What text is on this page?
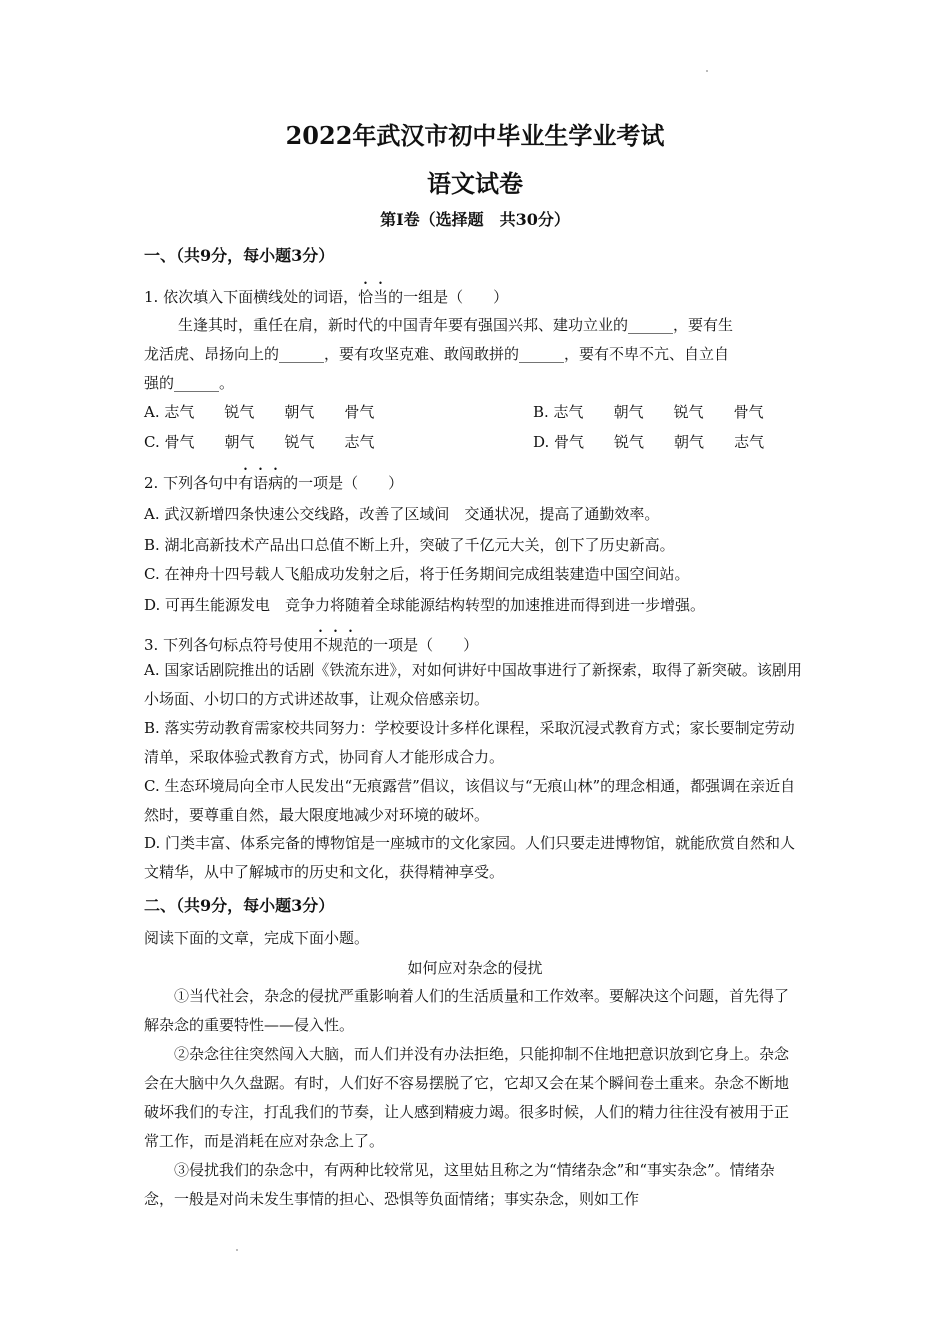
2022年武汉市初中毕业生学业考试
语文试卷
第Ⅰ卷（选择题　共30分）
一、（共9分，每小题3分）
1. 依次填入下面横线处的词语，恰当的一组是（　　）
生逢其时，重任在肩，新时代的中国青年要有强国兴邦、建功立业的______，要有生
龙活虎、昂扬向上的______，要有攻坚克难、敢闯敢拼的______，要有不卑不亢、自立自
强的______。
A. 志气 锐气 朝气 骨气	B. 志气 朝气 锐气 骨气
C. 骨气 朝气 锐气 志气	D. 骨气 锐气 朝气 志气
2. 下列各句中有语病的一项是（　　）
A. 武汉新增四条快速公交线路，改善了区域间　交通状况，提高了通勤效率。
B. 湖北高新技术产品出口总值不断上升，突破了千亿元大关，创下了历史新高。
C. 在神舟十四号载人飞船成功发射之后，将于任务期间完成组装建造中国空间站。
D. 可再生能源发电　竞争力将随着全球能源结构转型的加速推进而得到进一步增强。
3. 下列各句标点符号使用不规范的一项是（　　）
A. 国家话剧院推出的话剧《铁流东进》，对如何讲好中国故事进行了新探索，取得了新突破。该剧用小场面、小切口的方式讲述故事，让观众倍感亲切。
B. 落实劳动教育需家校共同努力：学校要设计多样化课程，采取沉浸式教育方式；家长要制定劳动清单，采取体验式教育方式，协同育人才能形成合力。
C. 生态环境局向全市人民发出“无痕露营”倡议，该倡议与“无痕山林”的理念相通，都强调在亲近自然时，要尊重自然，最大限度地减少对环境的破坏。
D. 门类丰富、体系完备的博物馆是一座城市的文化家园。人们只要走进博物馆，就能欣赏自然和人文精华，从中了解城市的历史和文化，获得精神享受。
二、（共9分，每小题3分）
阅读下面的文章，完成下面小题。
如何应对杂念的侵扰
①当代社会，杂念的侵扰严重影响着人们的生活质量和工作效率。要解决这个问题，首先得了解杂念的重要特性——侵入性。
②杂念往往突然闯入大脑，而人们并没有办法拒绝，只能抑制不住地把意识放到它身上。杂念会在大脑中久久盘踞。有时，人们好不容易摆脱了它，它却又会在某个瞬间卷土重来。杂念不断地破坏我们的专注，打乱我们的节奏，让人感到精疲力竭。很多时候，人们的精力往往没有被用于正常工作，而是消耗在应对杂念上了。
③侵扰我们的杂念中，有两种比较常见，这里姑且称之为“情绪杂念”和“事实杂念”。情绪杂念，一般是对尚未发生事情的担心、恐惧等负面情绪；事实杂念，则如工作
